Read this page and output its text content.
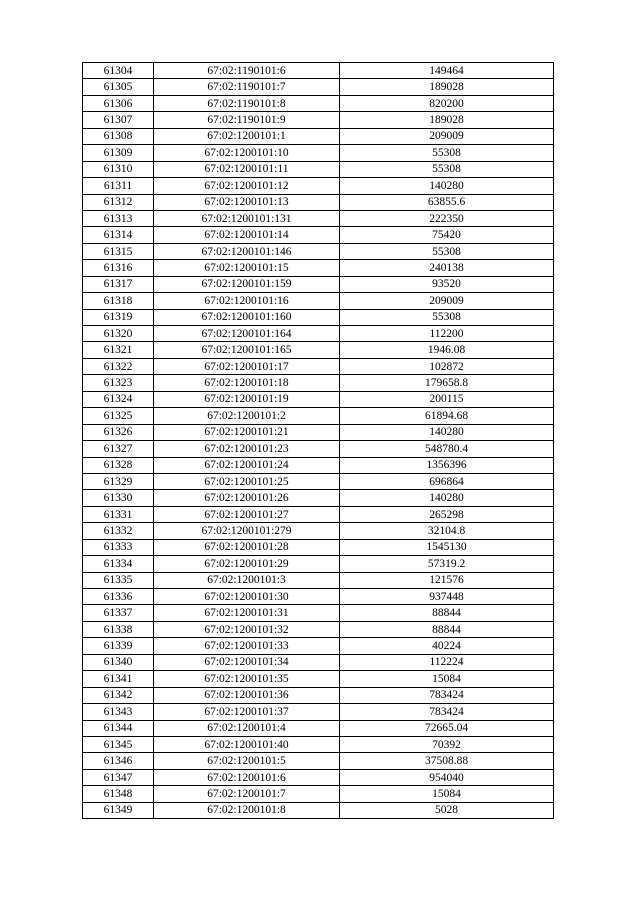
61304	67:02:1190101:6	149464
61305	67:02:1190101:7	189028
61306	67:02:1190101:8	820200
61307	67:02:1190101:9	189028
61308	67:02:1200101:1	209009
61309	67:02:1200101:10	55308
61310	67:02:1200101:11	55308
61311	67:02:1200101:12	140280
61312	67:02:1200101:13	63855.6
61313	67:02:1200101:131	222350
61314	67:02:1200101:14	75420
61315	67:02:1200101:146	55308
61316	67:02:1200101:15	240138
61317	67:02:1200101:159	93520
61318	67:02:1200101:16	209009
61319	67:02:1200101:160	55308
61320	67:02:1200101:164	112200
61321	67:02:1200101:165	1946.08
61322	67:02:1200101:17	102872
61323	67:02:1200101:18	179658.8
61324	67:02:1200101:19	200115
61325	67:02:1200101:2	61894.68
61326	67:02:1200101:21	140280
61327	67:02:1200101:23	548780.4
61328	67:02:1200101:24	1356396
61329	67:02:1200101:25	696864
61330	67:02:1200101:26	140280
61331	67:02:1200101:27	265298
61332	67:02:1200101:279	32104.8
61333	67:02:1200101:28	1545130
61334	67:02:1200101:29	57319.2
61335	67:02:1200101:3	121576
61336	67:02:1200101:30	937448
61337	67:02:1200101:31	88844
61338	67:02:1200101:32	88844
61339	67:02:1200101:33	40224
61340	67:02:1200101:34	112224
61341	67:02:1200101:35	15084
61342	67:02:1200101:36	783424
61343	67:02:1200101:37	783424
61344	67:02:1200101:4	72665.04
61345	67:02:1200101:40	70392
61346	67:02:1200101:5	37508.88
61347	67:02:1200101:6	954040
61348	67:02:1200101:7	15084
61349	67:02:1200101:8	5028
